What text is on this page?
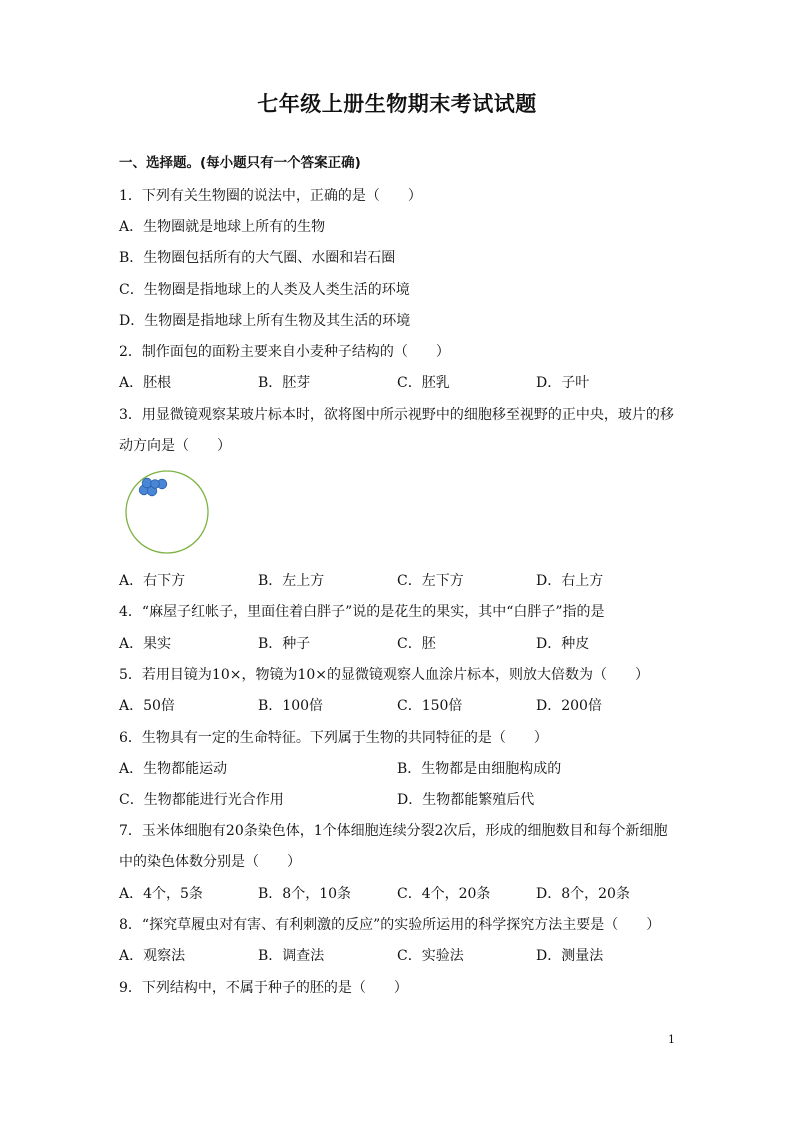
七年级上册生物期末考试试题
一、选择题。(每小题只有一个答案正确)
1．下列有关生物圈的说法中，正确的是（　　）
A．生物圈就是地球上所有的生物
B．生物圈包括所有的大气圈、水圈和岩石圈
C．生物圈是指地球上的人类及人类生活的环境
D．生物圈是指地球上所有生物及其生活的环境
2．制作面包的面粉主要来自小麦种子结构的（　　）
A．胚根	B．胚芽	C．胚乳	D．子叶
3．用显微镜观察某玻片标本时，欲将图中所示视野中的细胞移至视野的正中央，玻片的移
动方向是（　　）
A．右下方	B．左上方	C．左下方	D．右上方
4．“麻屋子红帐子，里面住着白胖子”说的是花生的果实，其中“白胖子”指的是
A．果实	B．种子	C．胚	D．种皮
5．若用目镜为10×，物镜为10×的显微镜观察人血涂片标本，则放大倍数为（　　）
A．50倍	B．100倍	C．150倍	D．200倍
6．生物具有一定的生命特征。下列属于生物的共同特征的是（　　）
A．生物都能运动	B．生物都是由细胞构成的
C．生物都能进行光合作用	D．生物都能繁殖后代
7．玉米体细胞有20条染色体，1个体细胞连续分裂2次后，形成的细胞数目和每个新细胞
中的染色体数分别是（　　）
A．4个，5条	B．8个，10条	C．4个，20条	D．8个，20条
8．“探究草履虫对有害、有利刺激的反应”的实验所运用的科学探究方法主要是（　　）
A．观察法	B．调查法	C．实验法	D．测量法
9．下列结构中，不属于种子的胚的是（　　）
1
